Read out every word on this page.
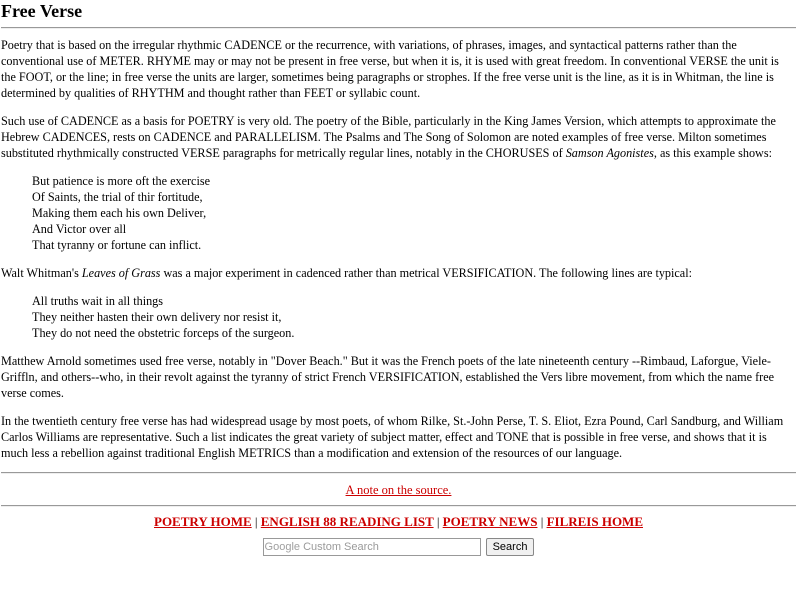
Free Verse

Poetry that is based on the irregular rhythmic CADENCE or the recurrence, with variations, of phrases, images, and syntactical patterns rather than the conventional use of METER. RHYME may or may not be present in free verse, but when it is, it is used with great freedom. In conventional VERSE the unit is the FOOT, or the line; in free verse the units are larger, sometimes being paragraphs or strophes. If the free verse unit is the line, as it is in Whitman, the line is determined by qualities of RHYTHM and thought rather than FEET or syllabic count.

Such use of CADENCE as a basis for POETRY is very old. The poetry of the Bible, particularly in the King James Version, which attempts to approximate the Hebrew CADENCES, rests on CADENCE and PARALLELISM. The Psalms and The Song of Solomon are noted examples of free verse. Milton sometimes substituted rhythmically constructed VERSE paragraphs for metrically regular lines, notably in the CHORUSES of Samson Agonistes, as this example shows:

But patience is more oft the exercise
Of Saints, the trial of thir fortitude,
Making them each his own Deliver,
And Victor over all
That tyranny or fortune can inflict.

Walt Whitman's Leaves of Grass was a major experiment in cadenced rather than metrical VERSIFICATION. The following lines are typical:

All truths wait in all things
They neither hasten their own delivery nor resist it,
They do not need the obstetric forceps of the surgeon.

Matthew Arnold sometimes used free verse, notably in "Dover Beach." But it was the French poets of the late nineteenth century --Rimbaud, Laforgue, Viele-Griffln, and others--who, in their revolt against the tyranny of strict French VERSIFICATION, established the Vers libre movement, from which the name free verse comes.

In the twentieth century free verse has had widespread usage by most poets, of whom Rilke, St.-John Perse, T. S. Eliot, Ezra Pound, Carl Sandburg, and William Carlos Williams are representative. Such a list indicates the great variety of subject matter, effect and TONE that is possible in free verse, and shows that it is much less a rebellion against traditional English METRICS than a modification and extension of the resources of our language.

A note on the source.
POETRY HOME | ENGLISH 88 READING LIST | POETRY NEWS | FILREIS HOME
Google Custom Search	Search
